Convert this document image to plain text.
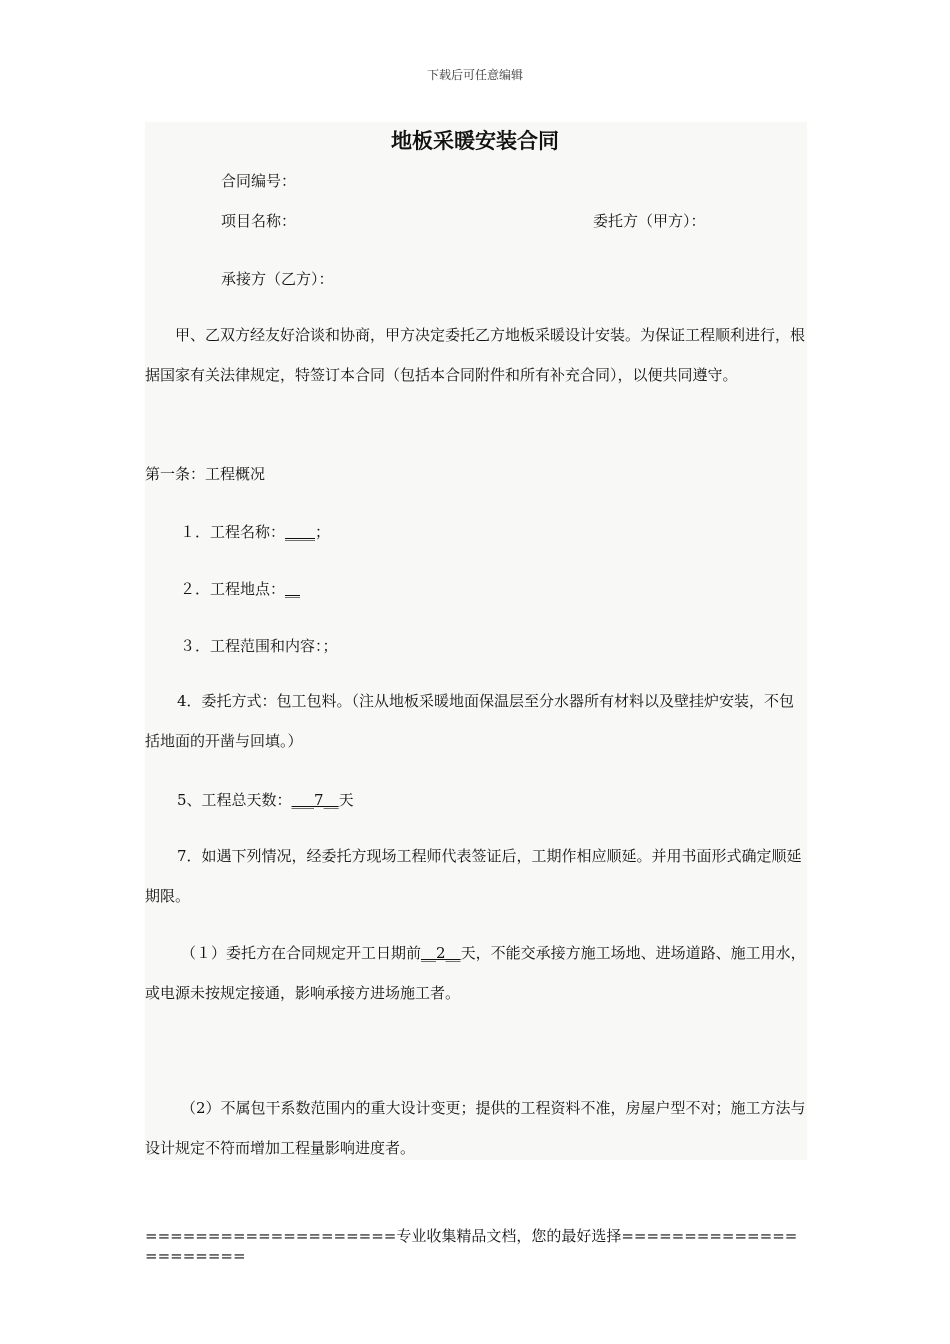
下载后可任意编辑
地板采暖安装合同
合同编号：
项目名称：	委托方（甲方）：
承接方（乙方）：
甲、乙双方经友好洽谈和协商，甲方决定委托乙方地板采暖设计安装。为保证工程顺利进行，根据国家有关法律规定，特签订本合同（包括本合同附件和所有补充合同），以便共同遵守。
第一条：工程概况
１．工程名称：____；
２．工程地点：__
３．工程范围和内容：；
4．委托方式：包工包料。（注从地板采暖地面保温层至分水器所有材料以及壁挂炉安装，不包括地面的开凿与回填。）
5、工程总天数：___7__天
7．如遇下列情况，经委托方现场工程师代表签证后，工期作相应顺延。并用书面形式确定顺延期限。
（１）委托方在合同规定开工日期前__2__天，不能交承接方施工场地、进场道路、施工用水，或电源未按规定接通，影响承接方进场施工者。
（2）不属包干系数范围内的重大设计变更；提供的工程资料不准，房屋户型不对；施工方法与设计规定不符而增加工程量影响进度者。
====================专业收集精品文档，您的最好选择======================
